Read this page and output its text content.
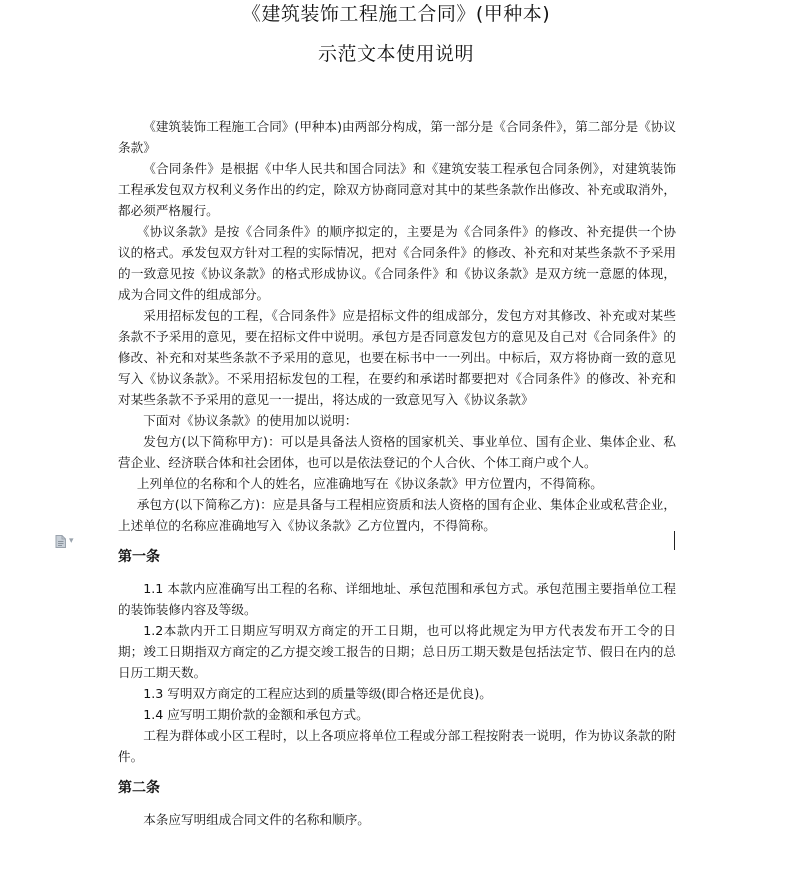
《建筑装饰工程施工合同》(甲种本)
示范文本使用说明

《建筑装饰工程施工合同》(甲种本)由两部分构成，第一部分是《合同条件》，第二部分是《协议条款》

《合同条件》是根据《中华人民共和国合同法》和《建筑安装工程承包合同条例》，对建筑装饰工程承发包双方权利义务作出的约定，除双方协商同意对其中的某些条款作出修改、补充或取消外，都必须严格履行。

《协议条款》是按《合同条件》的顺序拟定的，主要是为《合同条件》的修改、补充提供一个协议的格式。承发包双方针对工程的实际情况，把对《合同条件》的修改、补充和对某些条款不予采用的一致意见按《协议条款》的格式形成协议。《合同条件》和《协议条款》是双方统一意愿的体现，成为合同文件的组成部分。

采用招标发包的工程，《合同条件》应是招标文件的组成部分，发包方对其修改、补充或对某些条款不予采用的意见，要在招标文件中说明。承包方是否同意发包方的意见及自己对《合同条件》的修改、补充和对某些条款不予采用的意见，也要在标书中一一列出。中标后，双方将协商一致的意见写入《协议条款》。不采用招标发包的工程，在要约和承诺时都要把对《合同条件》的修改、补充和对某些条款不予采用的意见一一提出，将达成的一致意见写入《协议条款》

下面对《协议条款》的使用加以说明：

发包方(以下简称甲方)：可以是具备法人资格的国家机关、事业单位、国有企业、集体企业、私营企业、经济联合体和社会团体，也可以是依法登记的个人合伙、个体工商户或个人。

上列单位的名称和个人的姓名，应准确地写在《协议条款》甲方位置内，不得简称。

承包方(以下简称乙方)：应是具备与工程相应资质和法人资格的国有企业、集体企业或私营企业，上述单位的名称应准确地写入《协议条款》乙方位置内，不得简称。

第一条

1.1 本款内应准确写出工程的名称、详细地址、承包范围和承包方式。承包范围主要指单位工程的装饰装修内容及等级。

1.2本款内开工日期应写明双方商定的开工日期，也可以将此规定为甲方代表发布开工令的日期；竣工日期指双方商定的乙方提交竣工报告的日期；总日历工期天数是包括法定节、假日在内的总日历工期天数。

1.3 写明双方商定的工程应达到的质量等级(即合格还是优良)。

1.4 应写明工期价款的金额和承包方式。

工程为群体或小区工程时，以上各项应将单位工程或分部工程按附表一说明，作为协议条款的附件。

第二条

本条应写明组成合同文件的名称和顺序。

▾
